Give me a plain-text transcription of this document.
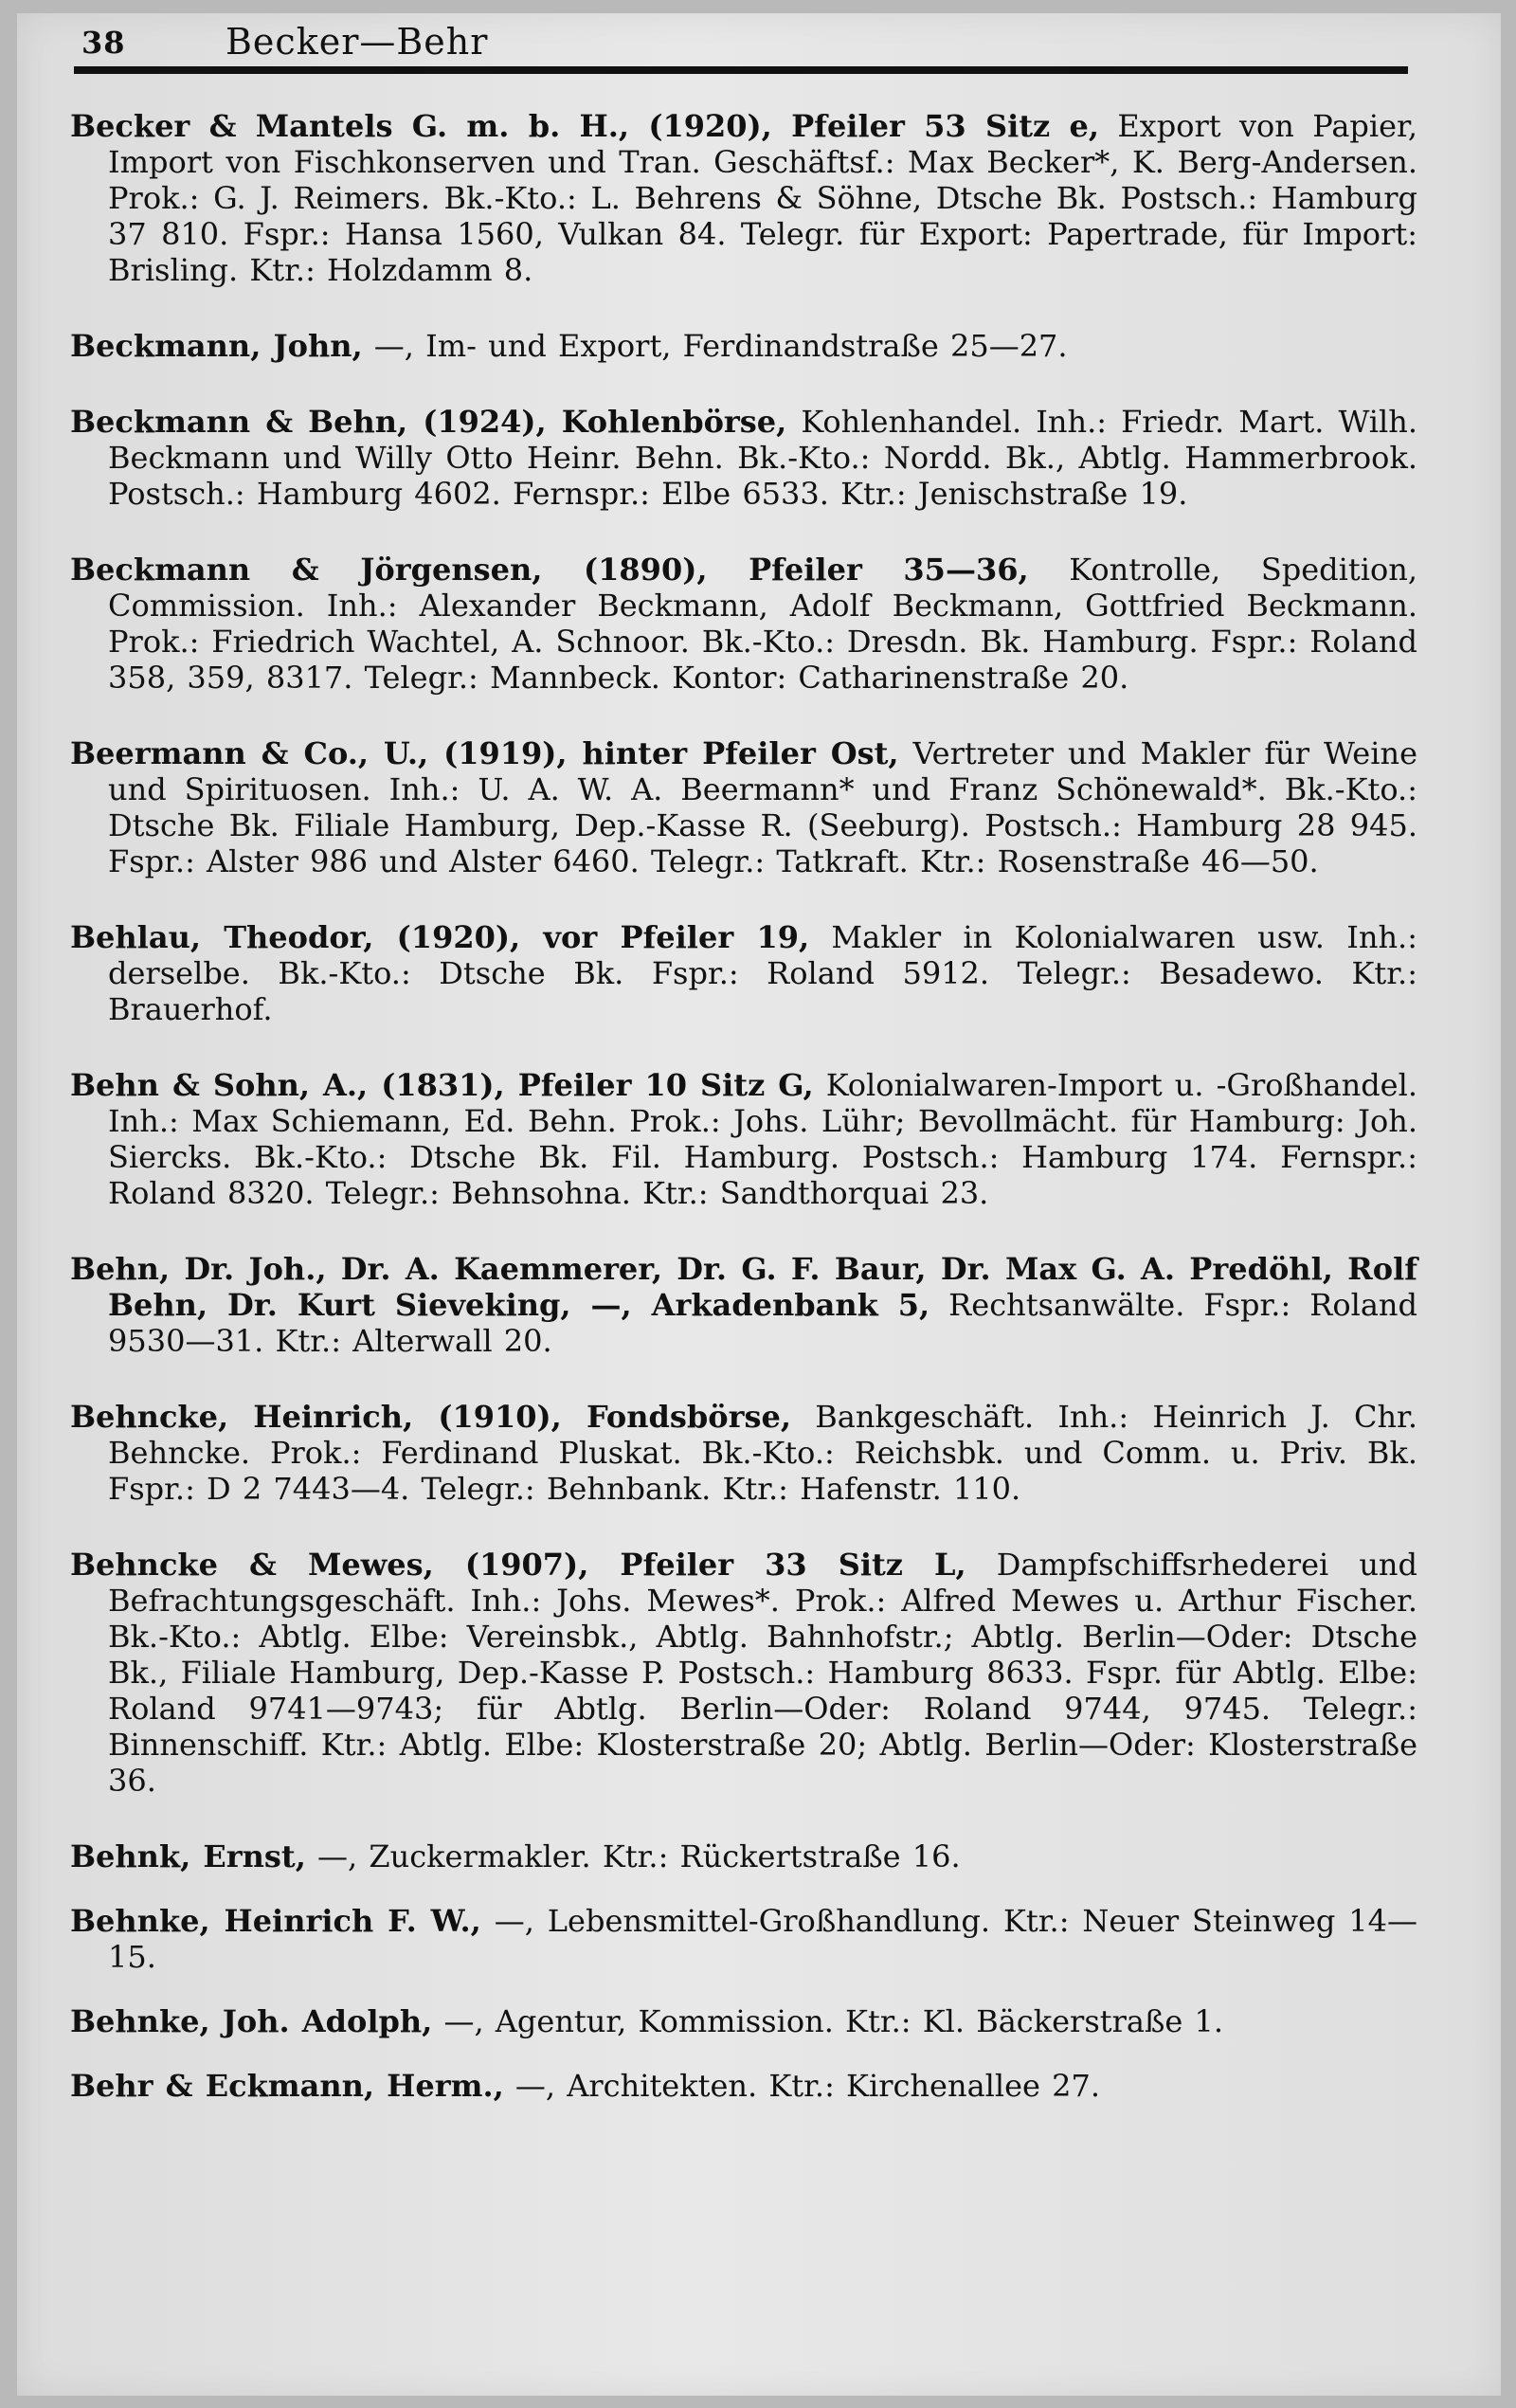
38	Becker—Behr

Becker & Mantels G. m. b. H., (1920), Pfeiler 53 Sitz e, Export von Papier, Import von Fischkonserven und Tran. Geschäftsf.: Max Becker*, K. Berg-Andersen. Prok.: G. J. Reimers. Bk.-Kto.: L. Behrens & Söhne, Dtsche Bk. Postsch.: Hamburg 37 810. Fspr.: Hansa 1560, Vulkan 84. Telegr. für Export: Papertrade, für Import: Brisling. Ktr.: Holzdamm 8.

Beckmann, John, —, Im- und Export, Ferdinandstraße 25—27.

Beckmann & Behn, (1924), Kohlenbörse, Kohlenhandel. Inh.: Friedr. Mart. Wilh. Beckmann und Willy Otto Heinr. Behn. Bk.-Kto.: Nordd. Bk., Abtlg. Hammerbrook. Postsch.: Hamburg 4602. Fernspr.: Elbe 6533. Ktr.: Jenischstraße 19.

Beckmann & Jörgensen, (1890), Pfeiler 35—36, Kontrolle, Spedition, Commission. Inh.: Alexander Beckmann, Adolf Beckmann, Gottfried Beckmann. Prok.: Friedrich Wachtel, A. Schnoor. Bk.-Kto.: Dresdn. Bk. Hamburg. Fspr.: Roland 358, 359, 8317. Telegr.: Mannbeck. Kontor: Catharinenstraße 20.

Beermann & Co., U., (1919), hinter Pfeiler Ost, Vertreter und Makler für Weine und Spirituosen. Inh.: U. A. W. A. Beermann* und Franz Schönewald*. Bk.-Kto.: Dtsche Bk. Filiale Hamburg, Dep.-Kasse R. (Seeburg). Postsch.: Hamburg 28 945. Fspr.: Alster 986 und Alster 6460. Telegr.: Tatkraft. Ktr.: Rosenstraße 46—50.

Behlau, Theodor, (1920), vor Pfeiler 19, Makler in Kolonialwaren usw. Inh.: derselbe. Bk.-Kto.: Dtsche Bk. Fspr.: Roland 5912. Telegr.: Besadewo. Ktr.: Brauerhof.

Behn & Sohn, A., (1831), Pfeiler 10 Sitz G, Kolonialwaren-Import u. -Großhandel. Inh.: Max Schiemann, Ed. Behn. Prok.: Johs. Lühr; Bevollmächt. für Hamburg: Joh. Siercks. Bk.-Kto.: Dtsche Bk. Fil. Hamburg. Postsch.: Hamburg 174. Fernspr.: Roland 8320. Telegr.: Behnsohna. Ktr.: Sandthorquai 23.

Behn, Dr. Joh., Dr. A. Kaemmerer, Dr. G. F. Baur, Dr. Max G. A. Predöhl, Rolf Behn, Dr. Kurt Sieveking, —, Arkadenbank 5, Rechtsanwälte. Fspr.: Roland 9530—31. Ktr.: Alterwall 20.

Behncke, Heinrich, (1910), Fondsbörse, Bankgeschäft. Inh.: Heinrich J. Chr. Behncke. Prok.: Ferdinand Pluskat. Bk.-Kto.: Reichsbk. und Comm. u. Priv. Bk. Fspr.: D 2 7443—4. Telegr.: Behnbank. Ktr.: Hafenstr. 110.

Behncke & Mewes, (1907), Pfeiler 33 Sitz L, Dampfschiffsrhederei und Befrachtungsgeschäft. Inh.: Johs. Mewes*. Prok.: Alfred Mewes u. Arthur Fischer. Bk.-Kto.: Abtlg. Elbe: Vereinsbk., Abtlg. Bahnhofstr.; Abtlg. Berlin—Oder: Dtsche Bk., Filiale Hamburg, Dep.-Kasse P. Postsch.: Hamburg 8633. Fspr. für Abtlg. Elbe: Roland 9741—9743; für Abtlg. Berlin—Oder: Roland 9744, 9745. Telegr.: Binnenschiff. Ktr.: Abtlg. Elbe: Klosterstraße 20; Abtlg. Berlin—Oder: Klosterstraße 36.

Behnk, Ernst, —, Zuckermakler. Ktr.: Rückertstraße 16.

Behnke, Heinrich F. W., —, Lebensmittel-Großhandlung. Ktr.: Neuer Steinweg 14—15.

Behnke, Joh. Adolph, —, Agentur, Kommission. Ktr.: Kl. Bäckerstraße 1.

Behr & Eckmann, Herm., —, Architekten. Ktr.: Kirchenallee 27.
